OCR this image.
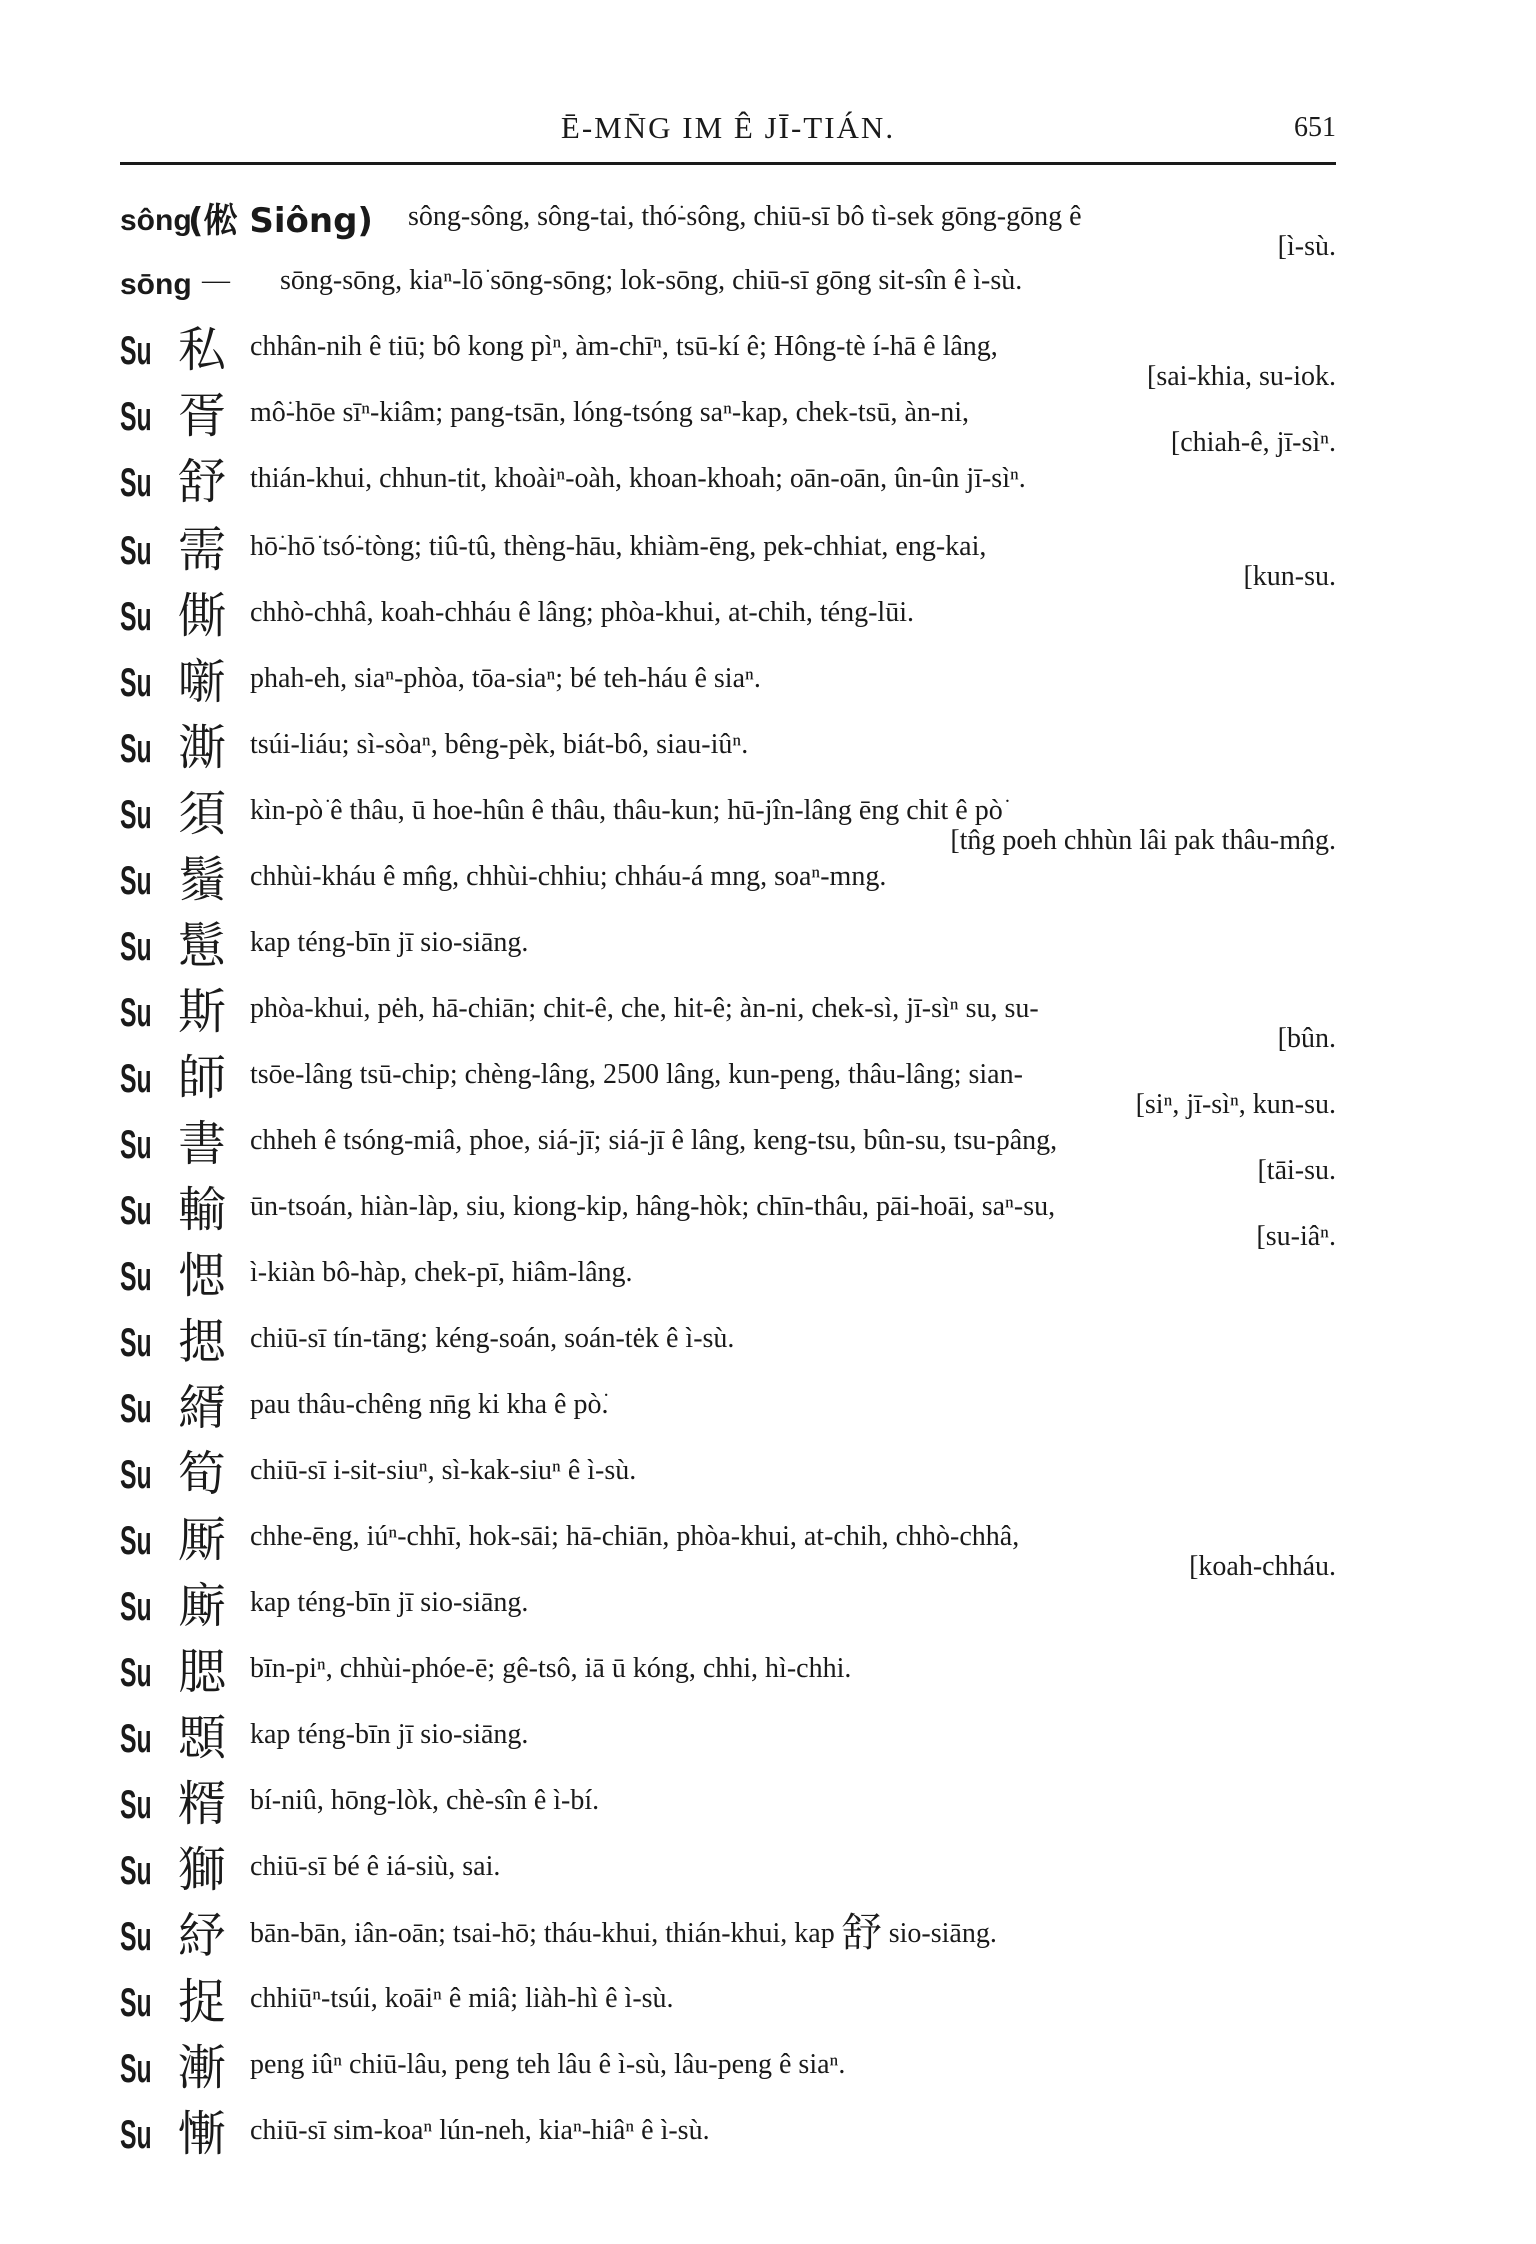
Ē-MN̄G IM Ê JĪ-TIÁN.	651
sông
(倯 Siông) sông-sông, sông-tai, thó͘-sông, chiū-sī bô tì-sek gōng-gōng ê
[ì-sù.
sōng — sōng-sōng, kiaⁿ-lō͘ sōng-sōng; lok-sōng, chiū-sī gōng sit-sîn ê ì-sù.
Su 私 chhân-nih ê tiū; bô kong pìⁿ, àm-chīⁿ, tsū-kí ê; Hông-tè í-hā ê lâng,
[sai-khia, su-iok.
Su 胥 mô͘-hōe sīⁿ-kiâm; pang-tsān, lóng-tsóng saⁿ-kap, chek-tsū, àn-ni,
[chiah-ê, jī-sìⁿ.
Su 舒 thián-khui, chhun-tit, khoàiⁿ-oàh, khoan-khoah; oān-oān, ûn-ûn jī-sìⁿ.
Su 需 hō͘-hō͘ tsó͘-tòng; tiû-tû, thèng-hāu, khiàm-ēng, pek-chhiat, eng-kai,
[kun-su.
Su 㒋 chhò-chhâ, koah-chháu ê lâng; phòa-khui, at-chih, téng-lūi.
Su 噺 phah-eh, siaⁿ-phòa, tōa-siaⁿ; bé teh-háu ê siaⁿ.
Su 澌 tsúi-liáu; sì-sòaⁿ, bêng-pèk, biát-bô, siau-iûⁿ.
Su 須 kìn-pò͘ ê thâu, ū hoe-hûn ê thâu, thâu-kun; hū-jîn-lâng ēng chit ê pò͘
[tn̂g poeh chhùn lâi pak thâu-mn̂g.
Su 鬚 chhùi-kháu ê mn̂g, chhùi-chhiu; chháu-á mng, soaⁿ-mng.
Su 䰄 kap téng-bīn jī sio-siāng.
Su 斯 phòa-khui, pėh, hā-chiān; chit-ê, che, hit-ê; àn-ni, chek-sì, jī-sìⁿ su, su-
[bûn.
Su 師 tsōe-lâng tsū-chip; chèng-lâng, 2500 lâng, kun-peng, thâu-lâng; sian-
[siⁿ, jī-sìⁿ, kun-su.
Su 書 chheh ê tsóng-miâ, phoe, siá-jī; siá-jī ê lâng, keng-tsu, bûn-su, tsu-pâng,
[tāi-su.
Su 輸 ūn-tsoán, hiàn-làp, siu, kiong-kip, hâng-hòk; chīn-thâu, pāi-hoāi, saⁿ-su,
[su-iâⁿ.
Su 愢 ì-kiàn bô-hàp, chek-pī, hiâm-lâng.
Su 揌 chiū-sī tín-tāng; kéng-soán, soán-tėk ê ì-sù.
Su 縃 pau thâu-chêng nn̄g ki kha ê pò͘.
Su 筍 chiū-sī i-sit-siuⁿ, sì-kak-siuⁿ ê ì-sù.
Su 厮 chhe-ēng, iúⁿ-chhī, hok-sāi; hā-chiān, phòa-khui, at-chih, chhò-chhâ,
[koah-chháu.
Su 廝 kap téng-bīn jī sio-siāng.
Su 腮 bīn-piⁿ, chhùi-phóe-ē; gê-tsô, iā ū kóng, chhi, hì-chhi.
Su 顋 kap téng-bīn jī sio-siāng.
Su 糈 bí-niû, hōng-lòk, chè-sîn ê ì-bí.
Su 獅 chiū-sī bé ê iá-siù, sai.
Su 紓 bān-bān, iân-oān; tsai-hō; tháu-khui, thián-khui, kap 舒 sio-siāng.
Su 捉 chhiūⁿ-tsúi, koāiⁿ ê miâ; liàh-hì ê ì-sù.
Su 漸 peng iûⁿ chiū-lâu, peng teh lâu ê ì-sù, lâu-peng ê siaⁿ.
Su 慚 chiū-sī sim-koaⁿ lún-neh, kiaⁿ-hiâⁿ ê ì-sù.
